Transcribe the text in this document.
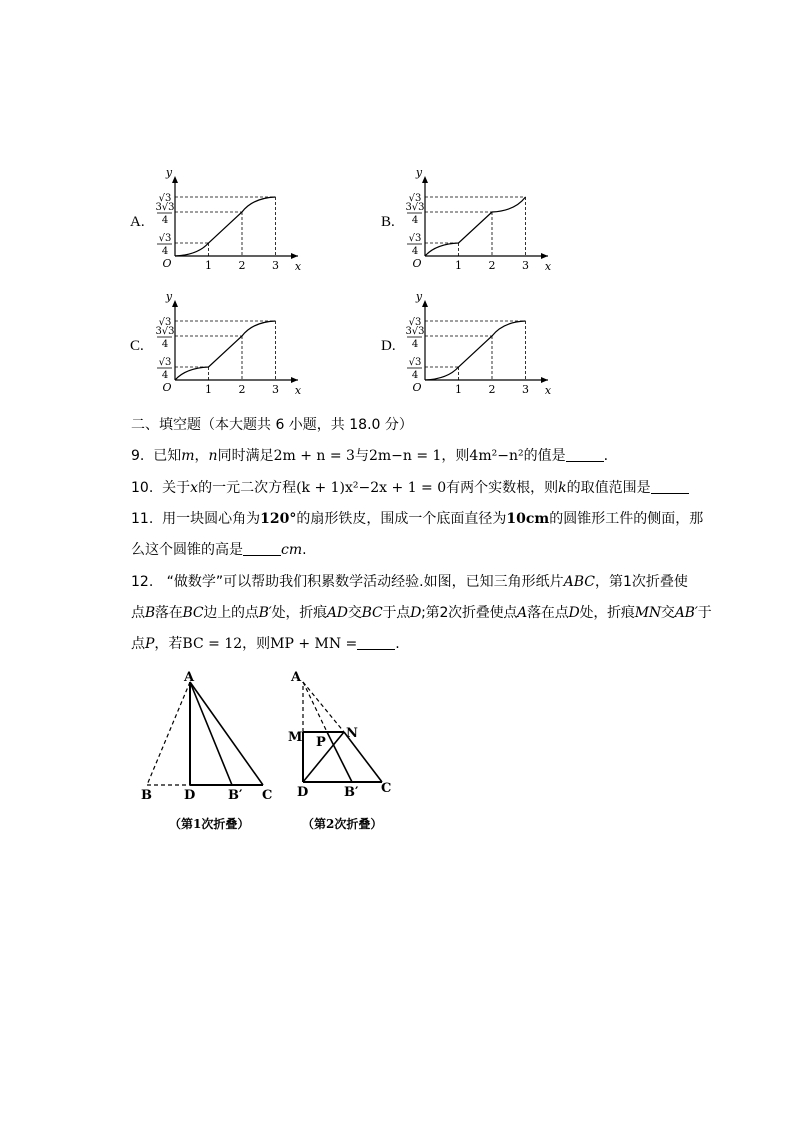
A.	B.
C.	D.
y
x
O	1 2 3
√3
3√3
4
√3
4
y
x
O	1 2 3
√3
3√3
4
√3
4
y
x
O	1 2 3
√3
3√3
4
√3
4
y
x
O	1 2 3
√3
3√3
4
√3
4
二、填空题（本大题共 6 小题，共 18.0 分）
9. 已知m，n同时满足2m + n = 3与2m−n = 1，则4m²−n²的值是	.
10. 关于x的一元二次方程(k + 1)x²−2x + 1 = 0有两个实数根，则k的取值范围是
11. 用一块圆心角为120°的扇形铁皮，围成一个底面直径为10cm的圆锥形工件的侧面，那
么这个圆锥的高是	cm.
12. “做数学”可以帮助我们积累数学活动经验.如图，已知三角形纸片ABC，第1次折叠使
点B落在BC边上的点B′处，折痕AD交BC于点D;第2次折叠使点A落在点D处，折痕MN交AB′于
点P，若BC = 12，则MP + MN =	.
A
B D	B′ C
（第1次折叠）
A
M	N
P
D	B′ C
（第2次折叠）
